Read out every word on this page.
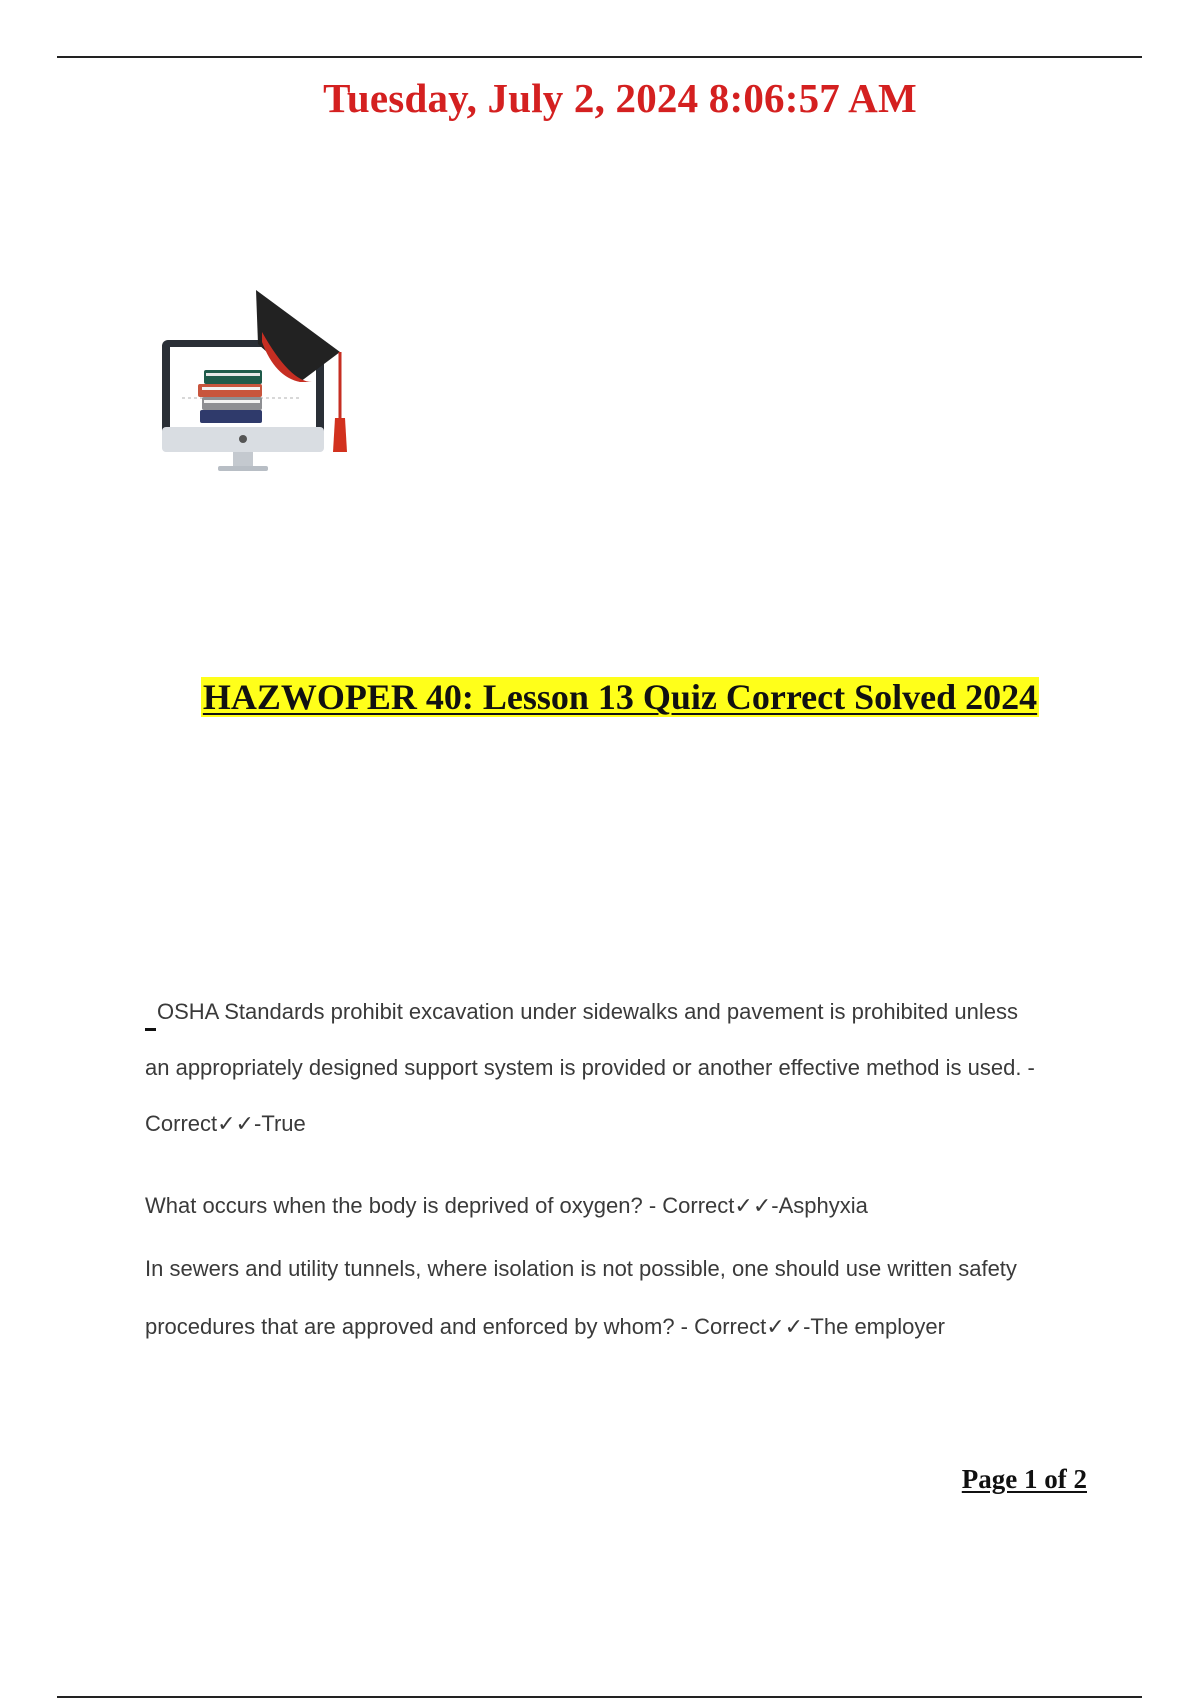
Tuesday, July 2, 2024 8:06:57 AM
HAZWOPER 40: Lesson 13 Quiz Correct Solved 2024
OSHA Standards prohibit excavation under sidewalks and pavement is prohibited unless an appropriately designed support system is provided or another effective method is used. - Correct✓✓-True
What occurs when the body is deprived of oxygen? - Correct✓✓-Asphyxia
In sewers and utility tunnels, where isolation is not possible, one should use written safety procedures that are approved and enforced by whom? - Correct✓✓-The employer
Page 1 of 2
